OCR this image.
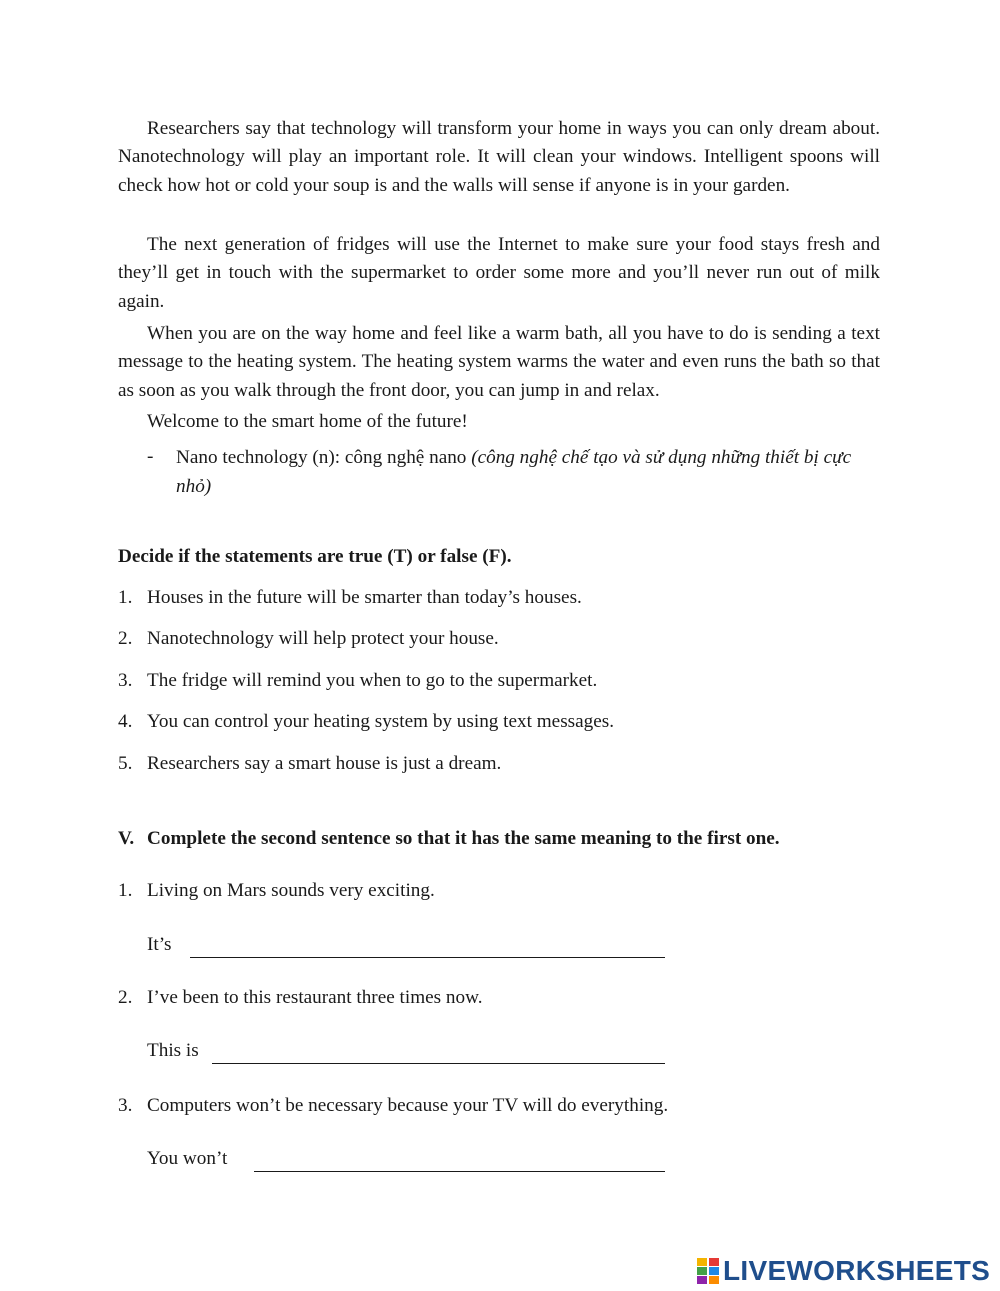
Researchers say that technology will transform your home in ways you can only dream about. Nanotechnology will play an important role. It will clean your windows. Intelligent spoons will check how hot or cold your soup is and the walls will sense if anyone is in your garden.

The next generation of fridges will use the Internet to make sure your food stays fresh and they’ll get in touch with the supermarket to order some more and you’ll never run out of milk again.

When you are on the way home and feel like a warm bath, all you have to do is sending a text message to the heating system. The heating system warms the water and even runs the bath so that as soon as you walk through the front door, you can jump in and relax.

Welcome to the smart home of the future!
- Nano technology (n): công nghệ nano (công nghệ chế tạo và sử dụng những thiết bị cực nhỏ)

Decide if the statements are true (T) or false (F).
1. Houses in the future will be smarter than today’s houses.
2. Nanotechnology will help protect your house.
3. The fridge will remind you when to go to the supermarket.
4. You can control your heating system by using text messages.
5. Researchers say a smart house is just a dream.
V. Complete the second sentence so that it has the same meaning to the first one.
1. Living on Mars sounds very exciting.
It’s
2. I’ve been to this restaurant three times now.
This is
3. Computers won’t be necessary because your TV will do everything.
You won’t
LIVEWORKSHEETS
